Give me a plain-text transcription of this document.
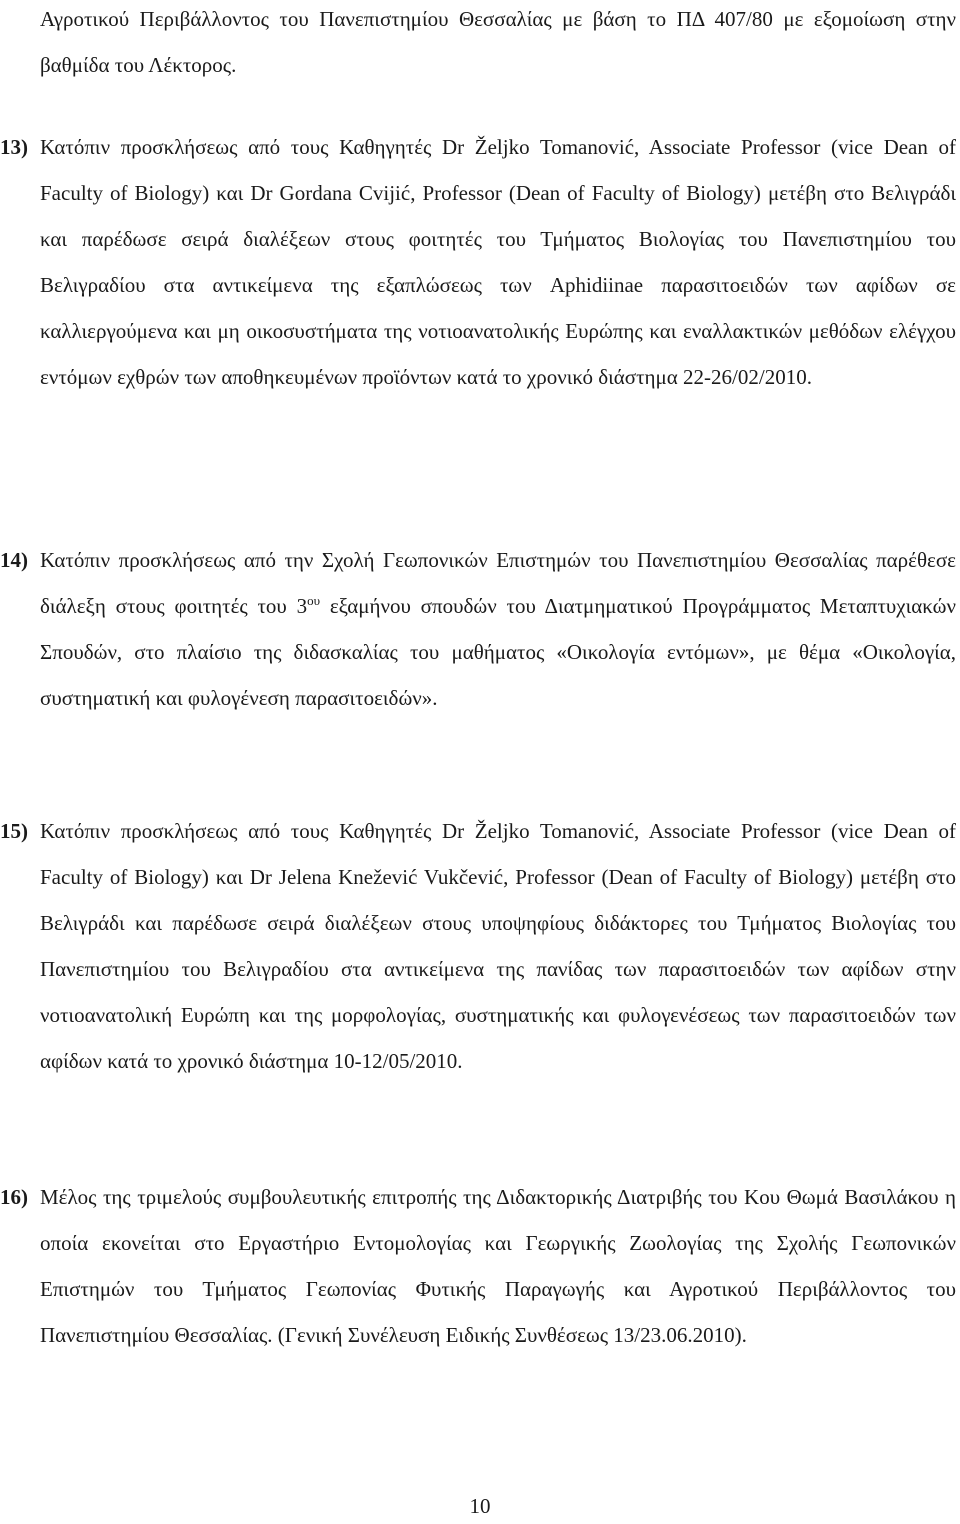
Αγροτικού Περιβάλλοντος του Πανεπιστημίου Θεσσαλίας με βάση το ΠΔ 407/80 με εξομοίωση στην βαθμίδα του Λέκτορος.
13) Κατόπιν προσκλήσεως από τους Καθηγητές Dr Željko Tomanović, Associate Professor (vice Dean of Faculty of Biology) και Dr Gordana Cvijić, Professor (Dean of Faculty of Biology) μετέβη στο Βελιγράδι και παρέδωσε σειρά διαλέξεων στους φοιτητές του Τμήματος Βιολογίας του Πανεπιστημίου του Βελιγραδίου στα αντικείμενα της εξαπλώσεως των Aphidiinae παρασιτοειδών των αφίδων σε καλλιεργούμενα και μη οικοσυστήματα της νοτιοανατολικής Ευρώπης και εναλλακτικών μεθόδων ελέγχου εντόμων εχθρών των αποθηκευμένων προϊόντων κατά το χρονικό διάστημα 22-26/02/2010.
14) Κατόπιν προσκλήσεως από την Σχολή Γεωπονικών Επιστημών του Πανεπιστημίου Θεσσαλίας παρέθεσε διάλεξη στους φοιτητές του $3^{o\upsilon}$ εξαμήνου σπουδών του Διατμηματικού Προγράμματος Μεταπτυχιακών Σπουδών, στο πλαίσιο της διδασκαλίας του μαθήματος «Οικολογία εντόμων», με θέμα «Οικολογία, συστηματική και φυλογένεση παρασιτοειδών».
15) Κατόπιν προσκλήσεως από τους Καθηγητές Dr Željko Tomanović, Associate Professor (vice Dean of Faculty of Biology) και Dr Jelena Knežević Vukčević, Professor (Dean of Faculty of Biology) μετέβη στο Βελιγράδι και παρέδωσε σειρά διαλέξεων στους υποψηφίους διδάκτορες του Τμήματος Βιολογίας του Πανεπιστημίου του Βελιγραδίου στα αντικείμενα της πανίδας των παρασιτοειδών των αφίδων στην νοτιοανατολική Ευρώπη και της μορφολογίας, συστηματικής και φυλογενέσεως των παρασιτοειδών των αφίδων κατά το χρονικό διάστημα 10-12/05/2010.
16) Μέλος της τριμελούς συμβουλευτικής επιτροπής της Διδακτορικής Διατριβής του Κου Θωμά Βασιλάκου η οποία εκονείται στο Εργαστήριο Εντομολογίας και Γεωργικής Ζωολογίας της Σχολής Γεωπονικών Επιστημών του Τμήματος Γεωπονίας Φυτικής Παραγωγής και Αγροτικού Περιβάλλοντος του Πανεπιστημίου Θεσσαλίας. (Γενική Συνέλευση Ειδικής Συνθέσεως 13/23.06.2010).
10
